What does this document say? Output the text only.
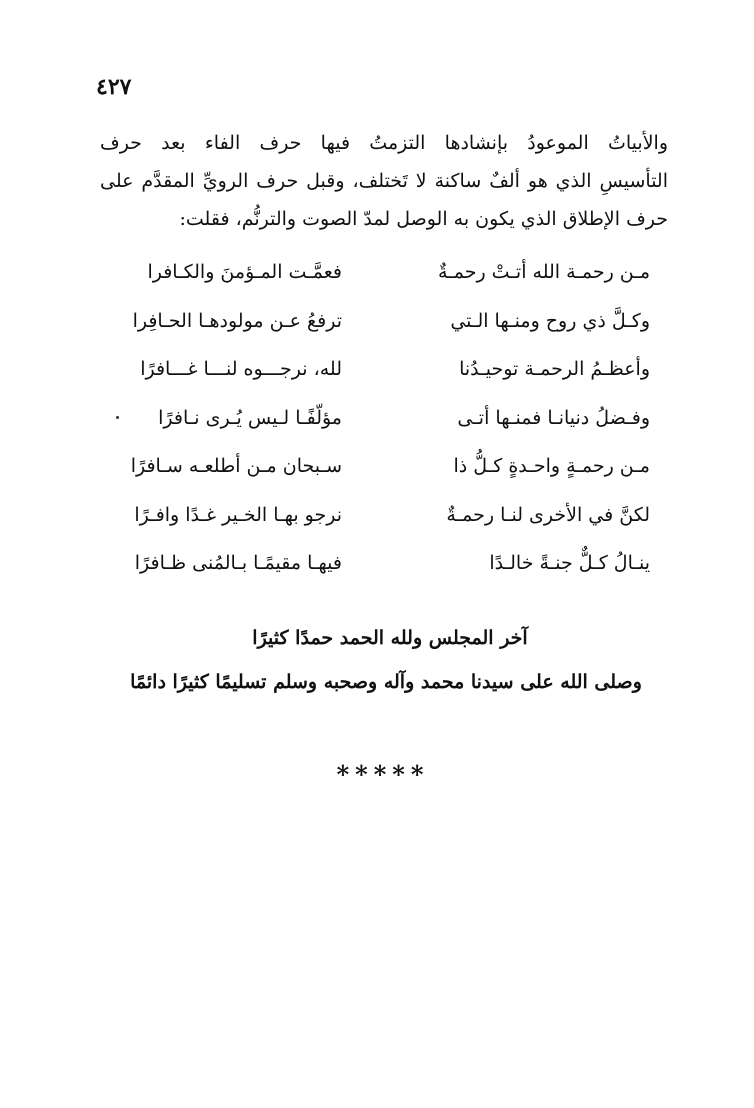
٤٢٧
والأبياتُ الموعودُ بإنشادها التزمتُ فيها حرف الفاء بعد حرف
التأسيسِ الذي هو ألفٌ ساكنة لا تَختلف، وقبل حرف الرويِّ المقدَّم على
حرف الإطلاق الذي يكون به الوصل لمدّ الصوت والترنُّم، فقلت:
مـن رحمـة الله أتـتْ رحمـةٌ
فعمَّـت المـؤمنَ والكـافرا
وكـلَّ ذي روح ومنـها الـتي
ترفعُ عـن مولودهـا الحـافِرا
وأعظـمُ الرحمـة توحيـدُنا
لله، نرجـــوه لنـــا غـــافرًا
وفـضلُ دنيانـا فمنـها أتـى
مؤلّفًـا لـيس يُـرى نـافرًا
مـن رحمـةٍ واحـدةٍ كـلُّ ذا
سـبحان مـن أطلعـه سـافرًا
لكنَّ في الأخرى لنـا رحمـةٌ
نرجو بهـا الخـير غـدًا وافـرًا
ينـالُ كـلٌّ جنـةً خالـدًا
فيهـا مقيمًـا بـالمُنى ظـافرًا
آخر المجلس ولله الحمد حمدًا كثيرًا
وصلى الله على سيدنا محمد وآله وصحبه وسلم تسليمًا كثيرًا دائمًا
*****
